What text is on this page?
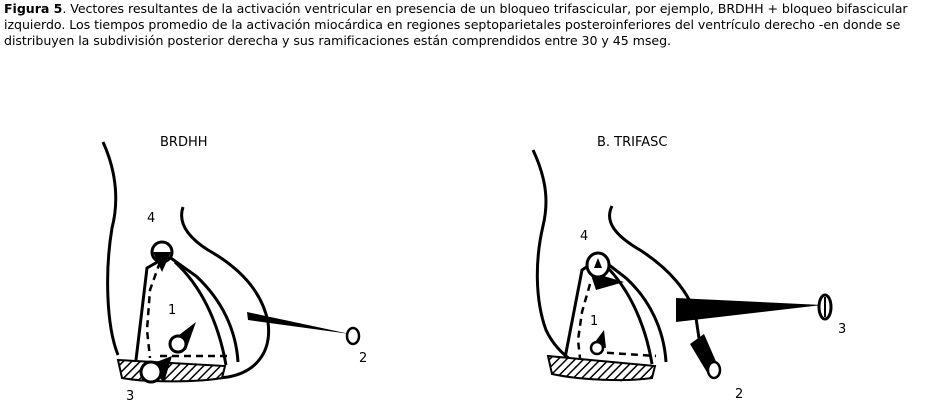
Figura 5. Vectores resultantes de la activación ventricular en presencia de un bloqueo trifascicular, por ejemplo, BRDHH + bloqueo bifascicular izquierdo. Los tiempos promedio de la activación miocárdica en regiones septoparietales posteroinferiores del ventrículo derecho -en donde se distribuyen la subdivisión posterior derecha y sus ramificaciones están comprendidos entre 30 y 45 mseg.
BRDHH	B. TRIFASC
4
1
2
3
4
1
3
2
